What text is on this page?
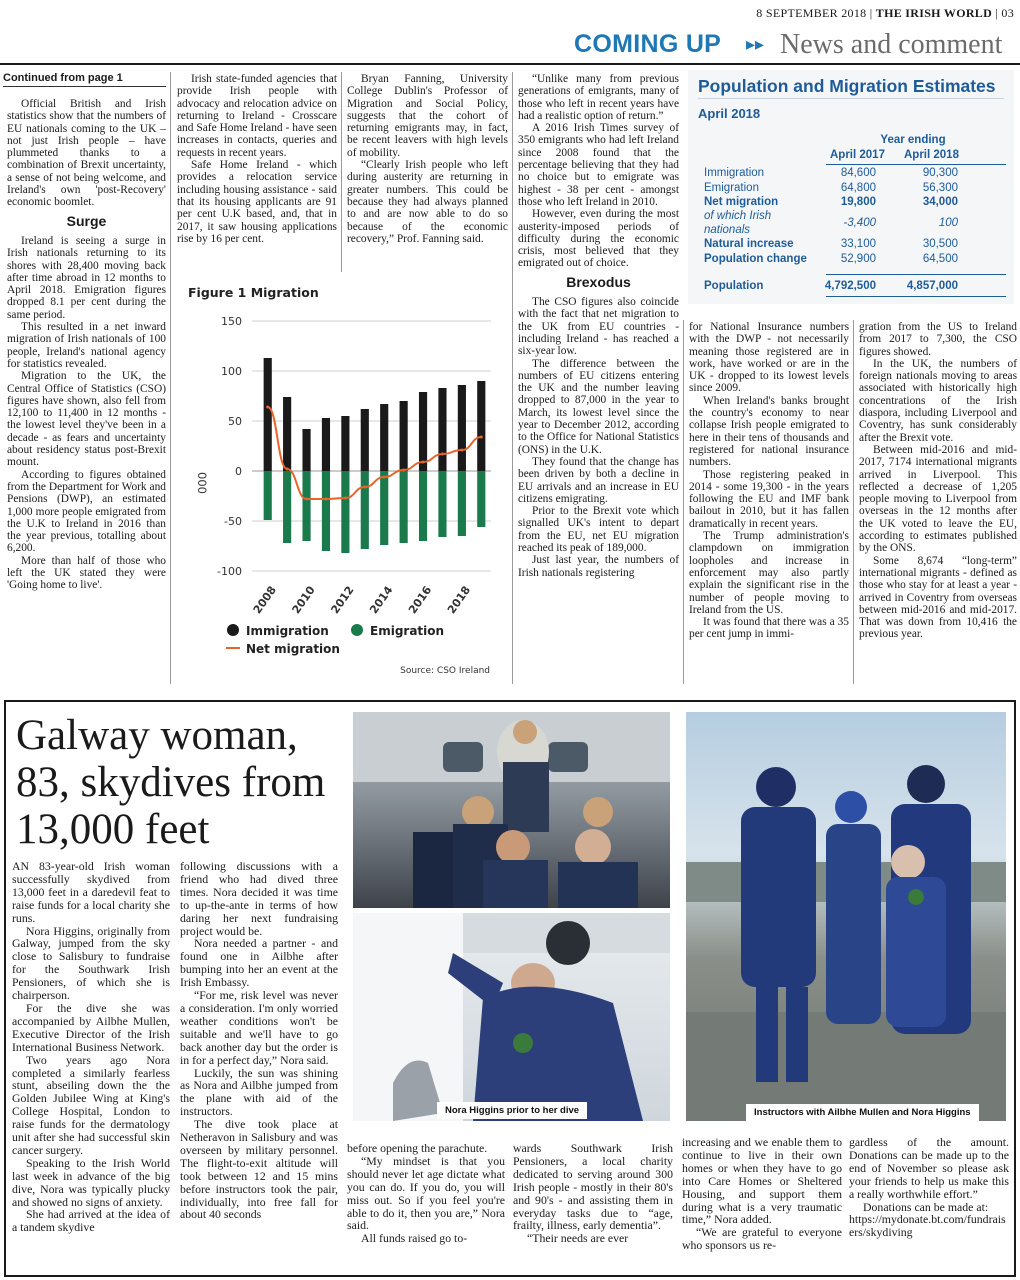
8 SEPTEMBER 2018 | THE IRISH WORLD | 03
COMING UP ▸▸ News and comment
Continued from page 1

Official British and Irish statistics show that the numbers of EU nationals coming to the UK – not just Irish people – have plummeted thanks to a combination of Brexit uncertainty, a sense of not being welcome, and Ireland's own 'post-Recovery' economic boomlet.

Surge

Ireland is seeing a surge in Irish nationals returning to its shores with 28,400 moving back after time abroad in 12 months to April 2018. Emigration figures dropped 8.1 per cent during the same period.

This resulted in a net inward migration of Irish nationals of 100 people, Ireland's national agency for statistics revealed.

Migration to the UK, the Central Office of Statistics (CSO) figures have shown, also fell from 12,100 to 11,400 in 12 months - the lowest level they've been in a decade - as fears and uncertainty about residency status post-Brexit mount.

According to figures obtained from the Department for Work and Pensions (DWP), an estimated 1,000 more people emigrated from the U.K to Ireland in 2016 than the year previous, totalling about 6,200.

More than half of those who left the UK stated they were 'Going home to live'.

Irish state-funded agencies that provide Irish people with advocacy and relocation advice on returning to Ireland - Crosscare and Safe Home Ireland - have seen increases in contacts, queries and requests in recent years.

Safe Home Ireland - which provides a relocation service including housing assistance - said that its housing applicants are 91 per cent U.K based, and, that in 2017, it saw housing applications rise by 16 per cent.

Bryan Fanning, University College Dublin's Professor of Migration and Social Policy, suggests that the cohort of returning emigrants may, in fact, be recent leavers with high levels of mobility.

“Clearly Irish people who left during austerity are returning in greater numbers. This could be because they had always planned to and are now able to do so because of the economic recovery,” Prof. Fanning said.

“Unlike many from previous generations of emigrants, many of those who left in recent years have had a realistic option of return.”

A 2016 Irish Times survey of 350 emigrants who had left Ireland since 2008 found that the percentage believing that they had no choice but to emigrate was highest - 38 per cent - amongst those who left Ireland in 2010.

However, even during the most austerity-imposed periods of difficulty during the economic crisis, most believed that they emigrated out of choice.

Brexodus

The CSO figures also coincide with the fact that net migration to the UK from EU countries - including Ireland - has reached a six-year low.

The difference between the numbers of EU citizens entering the UK and the number leaving dropped to 87,000 in the year to March, its lowest level since the year to December 2012, according to the Office for National Statistics (ONS) in the U.K.

They found that the change has been driven by both a decline in EU arrivals and an increase in EU citizens emigrating.

Prior to the Brexit vote which signalled UK's intent to depart from the EU, net EU migration reached its peak of 189,000.

Just last year, the numbers of Irish nationals registering

for National Insurance numbers with the DWP - not necessarily meaning those registered are in work, have worked or are in the UK - dropped to its lowest levels since 2009.

When Ireland's banks brought the country's economy to near collapse Irish people emigrated to here in their tens of thousands and registered for national insurance numbers.

Those registering peaked in 2014 - some 19,300 - in the years following the EU and IMF bank bailout in 2010, but it has fallen dramatically in recent years.

The Trump administration's clampdown on immigration loopholes and increase in enforcement may also partly explain the significant rise in the number of people moving to Ireland from the US.

It was found that there was a 35 per cent jump in immi-

gration from the US to Ireland from 2017 to 7,300, the CSO figures showed.

In the UK, the numbers of foreign nationals moving to areas associated with historically high concentrations of the Irish diaspora, including Liverpool and Coventry, has sunk considerably after the Brexit vote.

Between mid-2016 and mid-2017, 7174 international migrants arrived in Liverpool. This reflected a decrease of 1,205 people moving to Liverpool from overseas in the 12 months after the UK voted to leave the EU, according to estimates published by the ONS.

Some 8,674 “long-term” international migrants - defined as those who stay for at least a year - arrived in Coventry from overseas between mid-2016 and mid-2017. That was down from 10,416 the previous year.

Population and Migration Estimates
April 2018
Year ending
April 2017 April 2018
Immigration	84,600	90,300
Emigration	64,800	56,300
Net migration	19,800	34,000
of which Irish
nationals
-3,400	100
Natural increase	33,100	30,500
Population change	52,900	64,500
Population	4,792,500	4,857,000
Figure 1 Migration
150
100
50
0
-50
-100
2008 2010 2012 2014 2016 2018
000
Immigration	Emigration
Net migration
Source: CSO Ireland
Galway woman, 83, skydives from 13,000 feet

AN 83-year-old Irish woman successfully skydived from 13,000 feet in a daredevil feat to raise funds for a local charity she runs.

Nora Higgins, originally from Galway, jumped from the sky close to Salisbury to fundraise for the Southwark Irish Pensioners, of which she is chairperson.

For the dive she was accompanied by Ailbhe Mullen, Executive Director of the Irish International Business Network.

Two years ago Nora completed a similarly fearless stunt, abseiling down the the Golden Jubilee Wing at King's College Hospital, London to raise funds for the dermatology unit after she had successful skin cancer surgery.

Speaking to the Irish World last week in advance of the big dive, Nora was typically plucky and showed no signs of anxiety.

She had arrived at the idea of a tandem skydive

following discussions with a friend who had dived three times. Nora decided it was time to up-the-ante in terms of how daring her next fundraising project would be.

Nora needed a partner - and found one in Ailbhe after bumping into her an event at the Irish Embassy.

“For me, risk level was never a consideration. I'm only worried weather conditions won't be suitable and we'll have to go back another day but the order is in for a perfect day,” Nora said.

Luckily, the sun was shining as Nora and Ailbhe jumped from the plane with aid of the instructors.

The dive took place at Netheravon in Salisbury and was overseen by military personnel. The flight-to-exit altitude will took between 12 and 15 mins before instructors took the pair, individually, into free fall for about 40 seconds

before opening the parachute.

“My mindset is that you should never let age dictate what you can do. If you do, you will miss out. So if you feel you're able to do it, then you are,” Nora said.

All funds raised go to-

wards Southwark Irish Pensioners, a local charity dedicated to serving around 300 Irish people - mostly in their 80's and 90's - and assisting them in everyday tasks due to “age, frailty, illness, early dementia”.

“Their needs are ever

increasing and we enable them to continue to live in their own homes or when they have to go into Care Homes or Sheltered Housing, and support them during what is a very traumatic time,” Nora added.

“We are grateful to everyone who sponsors us re-

gardless of the amount. Donations can be made up to the end of November so please ask your friends to help us make this a really worthwhile effort.”

Donations can be made at:

https://mydonate.bt.com/fundraisers/skydiving

Nora Higgins prior to her dive	Instructors with Ailbhe Mullen and Nora Higgins
